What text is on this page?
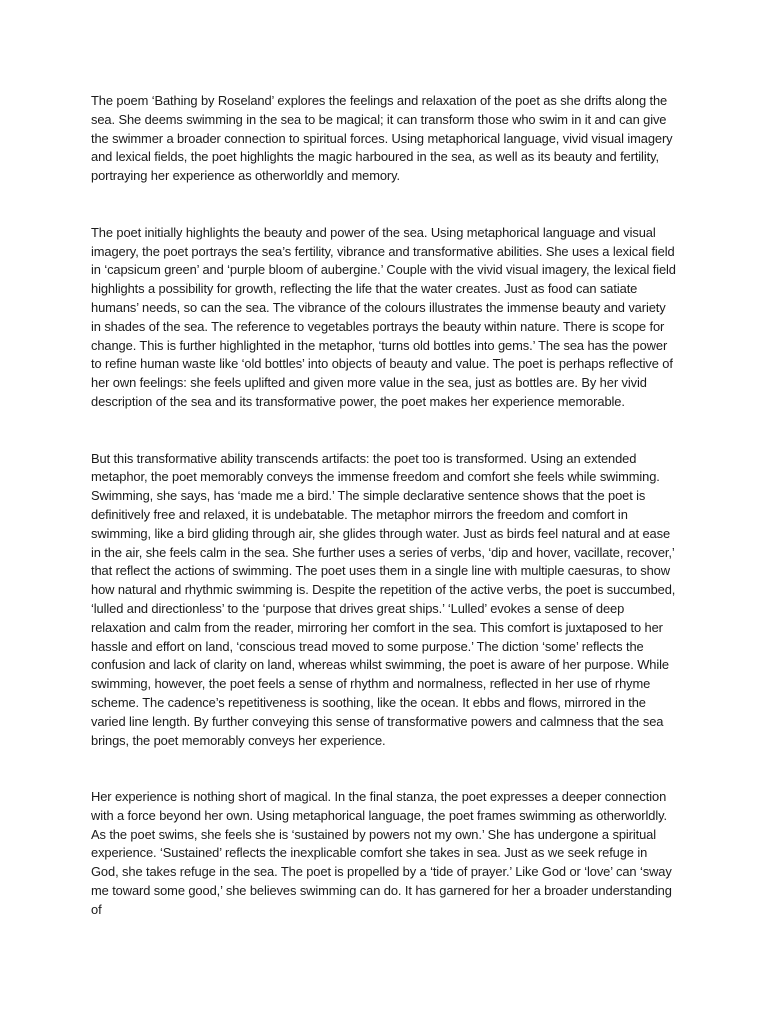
The poem ‘Bathing by Roseland’ explores the feelings and relaxation of the poet as she drifts along the sea. She deems swimming in the sea to be magical; it can transform those who swim in it and can give the swimmer a broader connection to spiritual forces. Using metaphorical language, vivid visual imagery and lexical fields, the poet highlights the magic harboured in the sea, as well as its beauty and fertility, portraying her experience as otherworldly and memory.

The poet initially highlights the beauty and power of the sea. Using metaphorical language and visual imagery, the poet portrays the sea’s fertility, vibrance and transformative abilities. She uses a lexical field in ‘capsicum green’ and ‘purple bloom of aubergine.’ Couple with the vivid visual imagery, the lexical field highlights a possibility for growth, reflecting the life that the water creates. Just as food can satiate humans’ needs, so can the sea. The vibrance of the colours illustrates the immense beauty and variety in shades of the sea. The reference to vegetables portrays the beauty within nature. There is scope for change. This is further highlighted in the metaphor, ‘turns old bottles into gems.’ The sea has the power to refine human waste like ‘old bottles’ into objects of beauty and value. The poet is perhaps reflective of her own feelings: she feels uplifted and given more value in the sea, just as bottles are. By her vivid description of the sea and its transformative power, the poet makes her experience memorable.

But this transformative ability transcends artifacts: the poet too is transformed. Using an extended metaphor, the poet memorably conveys the immense freedom and comfort she feels while swimming. Swimming, she says, has ‘made me a bird.’ The simple declarative sentence shows that the poet is definitively free and relaxed, it is undebatable. The metaphor mirrors the freedom and comfort in swimming, like a bird gliding through air, she glides through water. Just as birds feel natural and at ease in the air, she feels calm in the sea. She further uses a series of verbs, ‘dip and hover, vacillate, recover,’ that reflect the actions of swimming. The poet uses them in a single line with multiple caesuras, to show how natural and rhythmic swimming is. Despite the repetition of the active verbs, the poet is succumbed, ‘lulled and directionless’ to the ‘purpose that drives great ships.’ ‘Lulled’ evokes a sense of deep relaxation and calm from the reader, mirroring her comfort in the sea. This comfort is juxtaposed to her hassle and effort on land, ‘conscious tread moved to some purpose.’ The diction ‘some’ reflects the confusion and lack of clarity on land, whereas whilst swimming, the poet is aware of her purpose. While swimming, however, the poet feels a sense of rhythm and normalness, reflected in her use of rhyme scheme. The cadence’s repetitiveness is soothing, like the ocean. It ebbs and flows, mirrored in the varied line length. By further conveying this sense of transformative powers and calmness that the sea brings, the poet memorably conveys her experience.

Her experience is nothing short of magical. In the final stanza, the poet expresses a deeper connection with a force beyond her own. Using metaphorical language, the poet frames swimming as otherworldly. As the poet swims, she feels she is ‘sustained by powers not my own.’ She has undergone a spiritual experience. ‘Sustained’ reflects the inexplicable comfort she takes in sea. Just as we seek refuge in God, she takes refuge in the sea. The poet is propelled by a ‘tide of prayer.’ Like God or ‘love’ can ‘sway me toward some good,’ she believes swimming can do. It has garnered for her a broader understanding of
